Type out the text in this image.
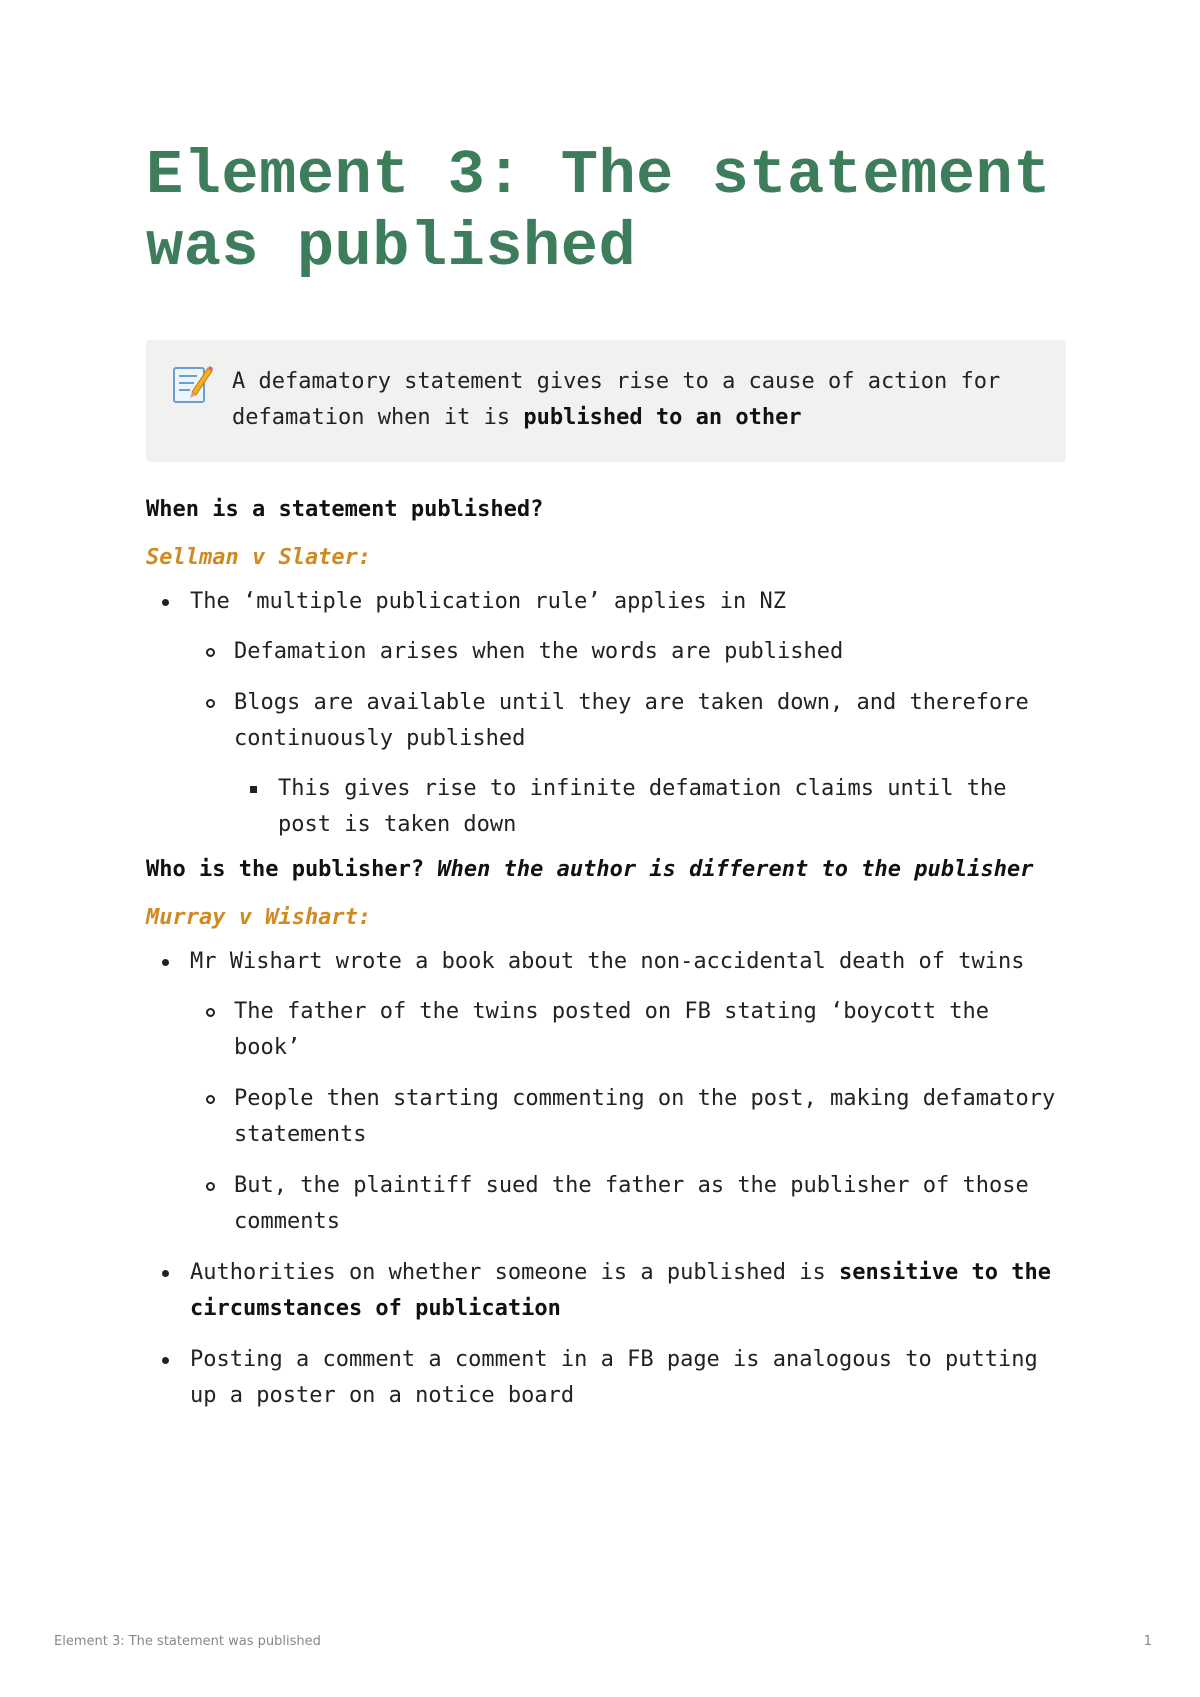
Element 3: The statement was published
A defamatory statement gives rise to a cause of action for defamation when it is published to an other
When is a statement published?
Sellman v Slater:
The ‘multiple publication rule’ applies in NZ
Defamation arises when the words are published
Blogs are available until they are taken down, and therefore continuously published
This gives rise to infinite defamation claims until the post is taken down
Who is the publisher? When the author is different to the publisher
Murray v Wishart:
Mr Wishart wrote a book about the non-accidental death of twins
The father of the twins posted on FB stating ‘boycott the book’
People then starting commenting on the post, making defamatory statements
But, the plaintiff sued the father as the publisher of those comments
Authorities on whether someone is a published is sensitive to the circumstances of publication
Posting a comment a comment in a FB page is analogous to putting up a poster on a notice board
Element 3: The statement was published	1
